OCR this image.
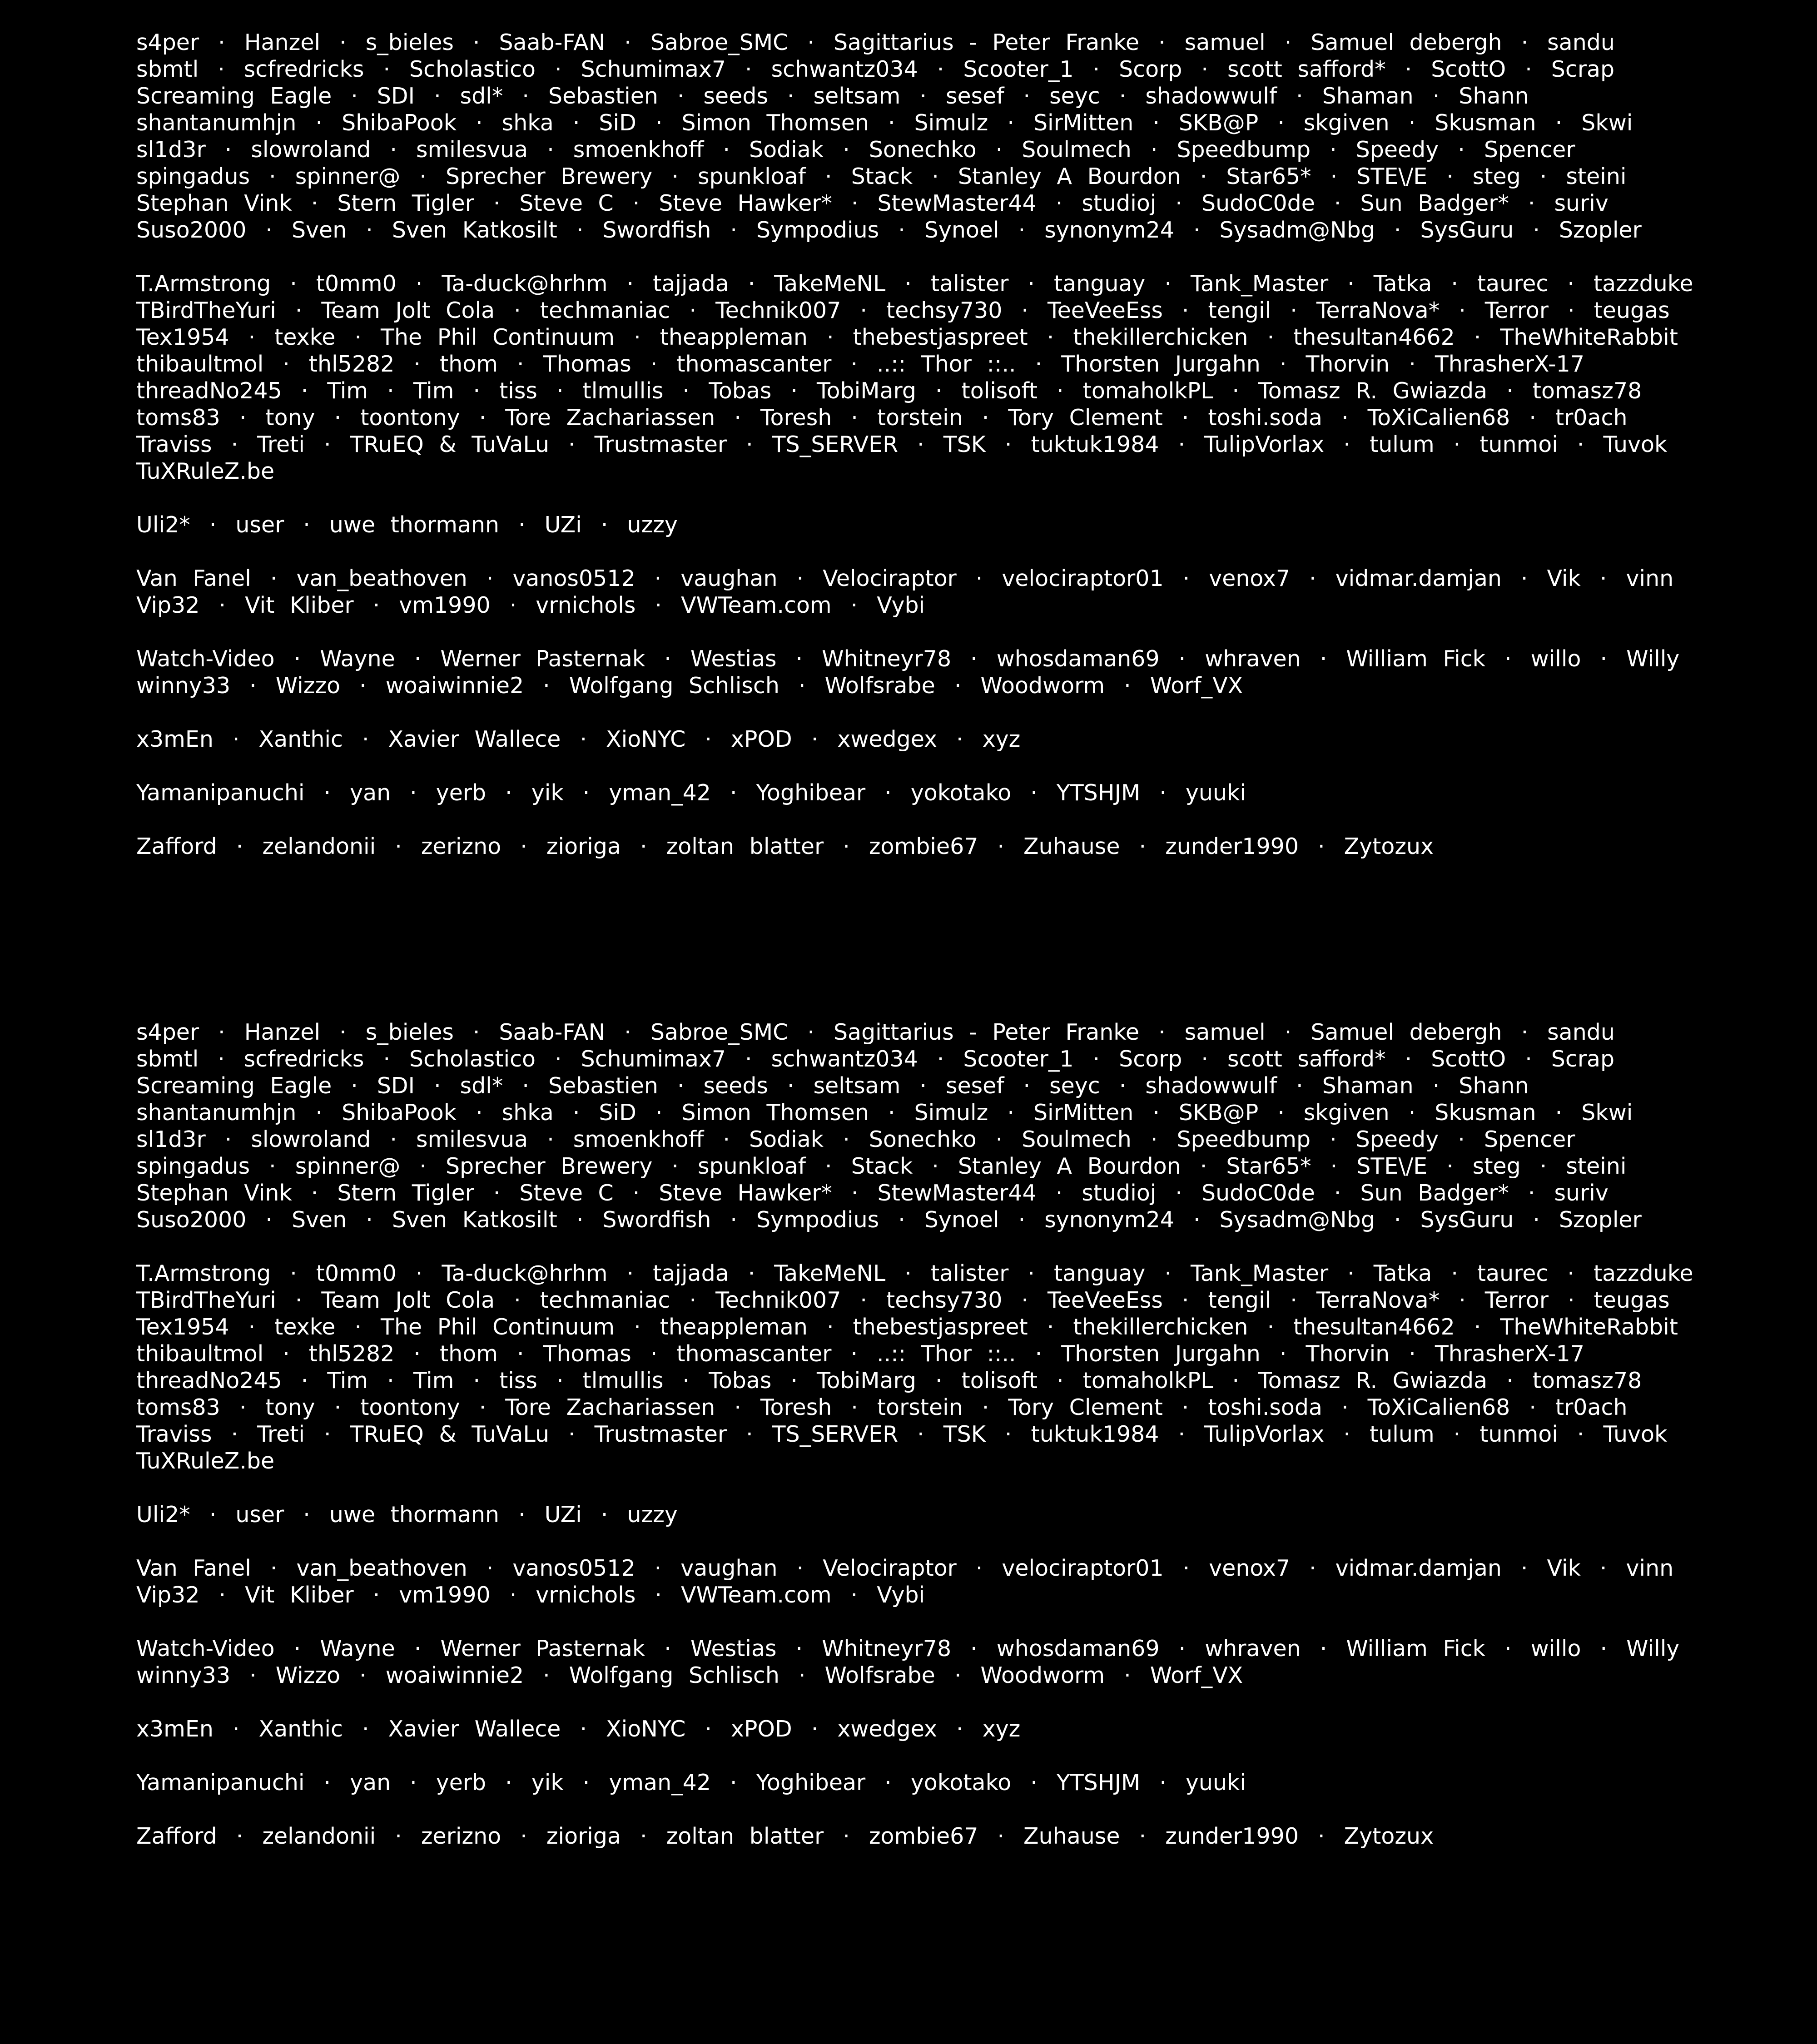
s4per · Hanzel · s_bieles · Saab-FAN · Sabroe_SMC · Sagittarius - Peter Franke · samuel · Samuel debergh · sandu
sbmtl · scfredricks · Scholastico · Schumimax7 · schwantz034 · Scooter_1 · Scorp · scott safford* · ScottO · Scrap
Screaming Eagle · SDI · sdl* · Sebastien · seeds · seltsam · sesef · seyc · shadowwulf · Shaman · Shann
shantanumhjn · ShibaPook · shka · SiD · Simon Thomsen · Simulz · SirMitten · SKB@P · skgiven · Skusman · Skwi
sl1d3r · slowroland · smilesvua · smoenkhoff · Sodiak · Sonechko · Soulmech · Speedbump · Speedy · Spencer
spingadus · spinner@ · Sprecher Brewery · spunkloaf · Stack · Stanley A Bourdon · Star65* · STE\/E · steg · steini
Stephan Vink · Stern Tigler · Steve C · Steve Hawker* · StewMaster44 · studioj · SudoC0de · Sun Badger* · suriv
Suso2000 · Sven · Sven Katkosilt · Swordfish · Sympodius · Synoel · synonym24 · Sysadm@Nbg · SysGuru · Szopler
T.Armstrong · t0mm0 · Ta-duck@hrhm · tajjada · TakeMeNL · talister · tanguay · Tank_Master · Tatka · taurec · tazzduke
TBirdTheYuri · Team Jolt Cola · techmaniac · Technik007 · techsy730 · TeeVeeEss · tengil · TerraNova* · Terror · teugas
Tex1954 · texke · The Phil Continuum · theappleman · thebestjaspreet · thekillerchicken · thesultan4662 · TheWhiteRabbit
thibaultmol · thl5282 · thom · Thomas · thomascanter · ..:: Thor ::.. · Thorsten Jurgahn · Thorvin · ThrasherX-17
threadNo245 · Tim · Tim · tiss · tlmullis · Tobas · TobiMarg · tolisoft · tomaholkPL · Tomasz R. Gwiazda · tomasz78
toms83 · tony · toontony · Tore Zachariassen · Toresh · torstein · Tory Clement · toshi.soda · ToXiCalien68 · tr0ach
Traviss · Treti · TRuEQ & TuVaLu · Trustmaster · TS_SERVER · TSK · tuktuk1984 · TulipVorlax · tulum · tunmoi · Tuvok
TuXRuleZ.be
Uli2* · user · uwe thormann · UZi · uzzy
Van Fanel · van_beathoven · vanos0512 · vaughan · Velociraptor · velociraptor01 · venox7 · vidmar.damjan · Vik · vinn
Vip32 · Vit Kliber · vm1990 · vrnichols · VWTeam.com · Vybi
Watch-Video · Wayne · Werner Pasternak · Westias · Whitneyr78 · whosdaman69 · whraven · William Fick · willo · Willy
winny33 · Wizzo · woaiwinnie2 · Wolfgang Schlisch · Wolfsrabe · Woodworm · Worf_VX
x3mEn · Xanthic · Xavier Wallece · XioNYC · xPOD · xwedgex · xyz
Yamanipanuchi · yan · yerb · yik · yman_42 · Yoghibear · yokotako · YTSHJM · yuuki
Zafford · zelandonii · zerizno · zioriga · zoltan blatter · zombie67 · Zuhause · zunder1990 · Zytozux
s4per · Hanzel · s_bieles · Saab-FAN · Sabroe_SMC · Sagittarius - Peter Franke · samuel · Samuel debergh · sandu
sbmtl · scfredricks · Scholastico · Schumimax7 · schwantz034 · Scooter_1 · Scorp · scott safford* · ScottO · Scrap
Screaming Eagle · SDI · sdl* · Sebastien · seeds · seltsam · sesef · seyc · shadowwulf · Shaman · Shann
shantanumhjn · ShibaPook · shka · SiD · Simon Thomsen · Simulz · SirMitten · SKB@P · skgiven · Skusman · Skwi
sl1d3r · slowroland · smilesvua · smoenkhoff · Sodiak · Sonechko · Soulmech · Speedbump · Speedy · Spencer
spingadus · spinner@ · Sprecher Brewery · spunkloaf · Stack · Stanley A Bourdon · Star65* · STE\/E · steg · steini
Stephan Vink · Stern Tigler · Steve C · Steve Hawker* · StewMaster44 · studioj · SudoC0de · Sun Badger* · suriv
Suso2000 · Sven · Sven Katkosilt · Swordfish · Sympodius · Synoel · synonym24 · Sysadm@Nbg · SysGuru · Szopler
T.Armstrong · t0mm0 · Ta-duck@hrhm · tajjada · TakeMeNL · talister · tanguay · Tank_Master · Tatka · taurec · tazzduke
TBirdTheYuri · Team Jolt Cola · techmaniac · Technik007 · techsy730 · TeeVeeEss · tengil · TerraNova* · Terror · teugas
Tex1954 · texke · The Phil Continuum · theappleman · thebestjaspreet · thekillerchicken · thesultan4662 · TheWhiteRabbit
thibaultmol · thl5282 · thom · Thomas · thomascanter · ..:: Thor ::.. · Thorsten Jurgahn · Thorvin · ThrasherX-17
threadNo245 · Tim · Tim · tiss · tlmullis · Tobas · TobiMarg · tolisoft · tomaholkPL · Tomasz R. Gwiazda · tomasz78
toms83 · tony · toontony · Tore Zachariassen · Toresh · torstein · Tory Clement · toshi.soda · ToXiCalien68 · tr0ach
Traviss · Treti · TRuEQ & TuVaLu · Trustmaster · TS_SERVER · TSK · tuktuk1984 · TulipVorlax · tulum · tunmoi · Tuvok
TuXRuleZ.be
Uli2* · user · uwe thormann · UZi · uzzy
Van Fanel · van_beathoven · vanos0512 · vaughan · Velociraptor · velociraptor01 · venox7 · vidmar.damjan · Vik · vinn
Vip32 · Vit Kliber · vm1990 · vrnichols · VWTeam.com · Vybi
Watch-Video · Wayne · Werner Pasternak · Westias · Whitneyr78 · whosdaman69 · whraven · William Fick · willo · Willy
winny33 · Wizzo · woaiwinnie2 · Wolfgang Schlisch · Wolfsrabe · Woodworm · Worf_VX
x3mEn · Xanthic · Xavier Wallece · XioNYC · xPOD · xwedgex · xyz
Yamanipanuchi · yan · yerb · yik · yman_42 · Yoghibear · yokotako · YTSHJM · yuuki
Zafford · zelandonii · zerizno · zioriga · zoltan blatter · zombie67 · Zuhause · zunder1990 · Zytozux
